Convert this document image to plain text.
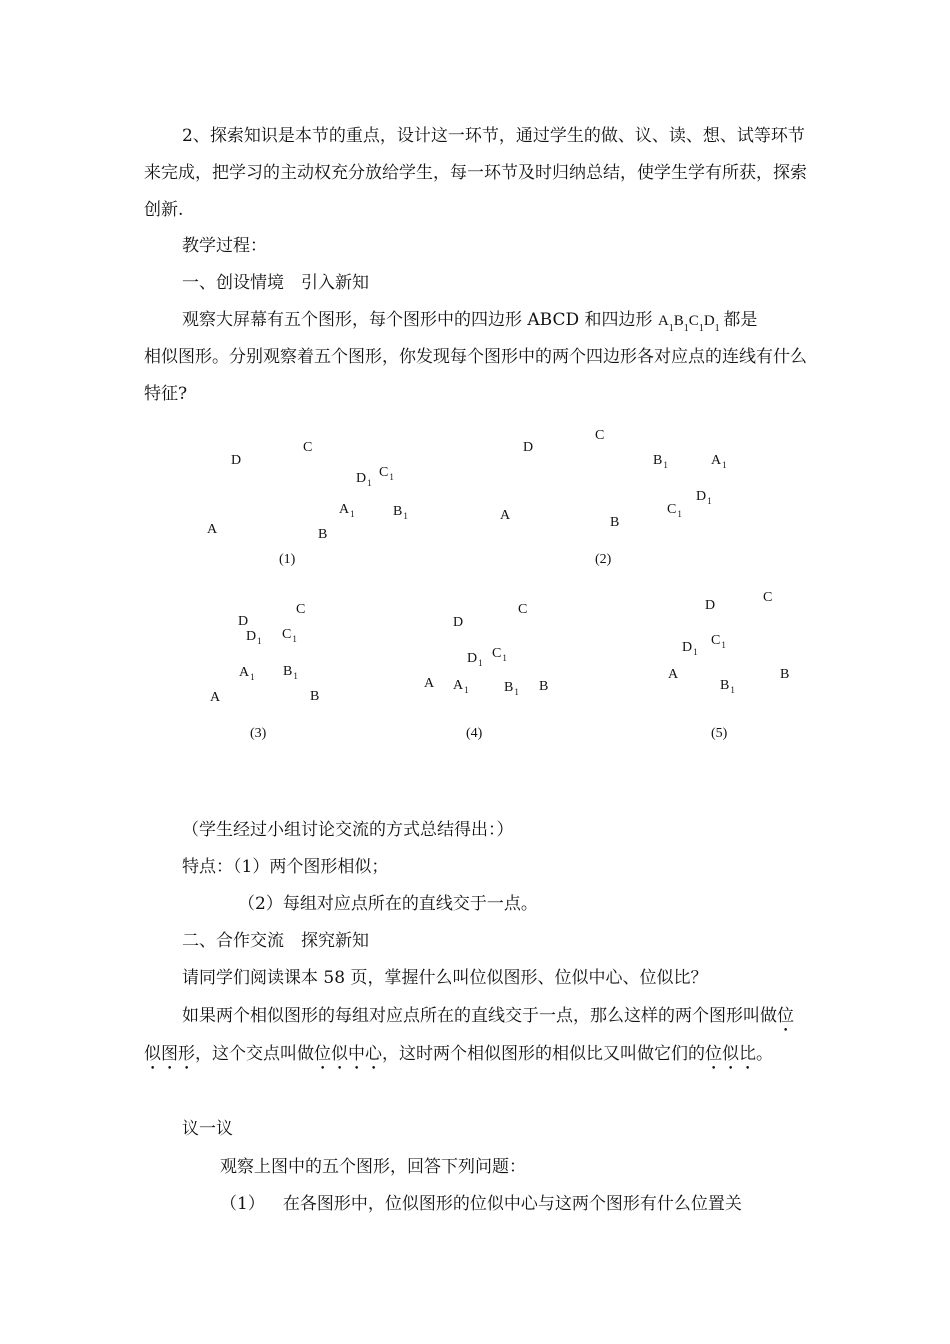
2、探索知识是本节的重点，设计这一环节，通过学生的做、议、读、想、试等环节来完成，把学习的主动权充分放给学生，每一环节及时归纳总结，使学生学有所获，探索创新.

教学过程：
一、创设情境　引入新知
观察大屏幕有五个图形，每个图形中的四边形 ABCD 和四边形 $A_1B_1C_1D_1$ 都是

相似图形。分别观察着五个图形，你发现每个图形中的两个四边形各对应点的连线有什么特征?

(1)
D
C
$D_1$
$C_1$
$A_1$	$B_1$
A	B
(2)
D
C
$B_1$	$A_1$
$D_1$
$C_1$
A	B
(3)
D
C
$D_1$ $C_1$
$A_1$ $B_1$
A	B
(4)
D
C
$D_1$
$C_1$
A $A_1$	$B_1$ B
(5)
D
C
$D_1$
$C_1$
A
$B_1$
B
（学生经过小组讨论交流的方式总结得出：）
特点：（1）两个图形相似；
（2）每组对应点所在的直线交于一点。
二、合作交流　探究新知
请同学们阅读课本 58 页，掌握什么叫位似图形、位似中心、位似比？

如果两个相似图形的每组对应点所在的直线交于一点，那么这样的两个图形叫做位似图形，这个交点叫做位似中心，这时两个相似图形的相似比又叫做它们的位似比。

议一议
观察上图中的五个图形，回答下列问题：
（1） 在各图形中，位似图形的位似中心与这两个图形有什么位置关
